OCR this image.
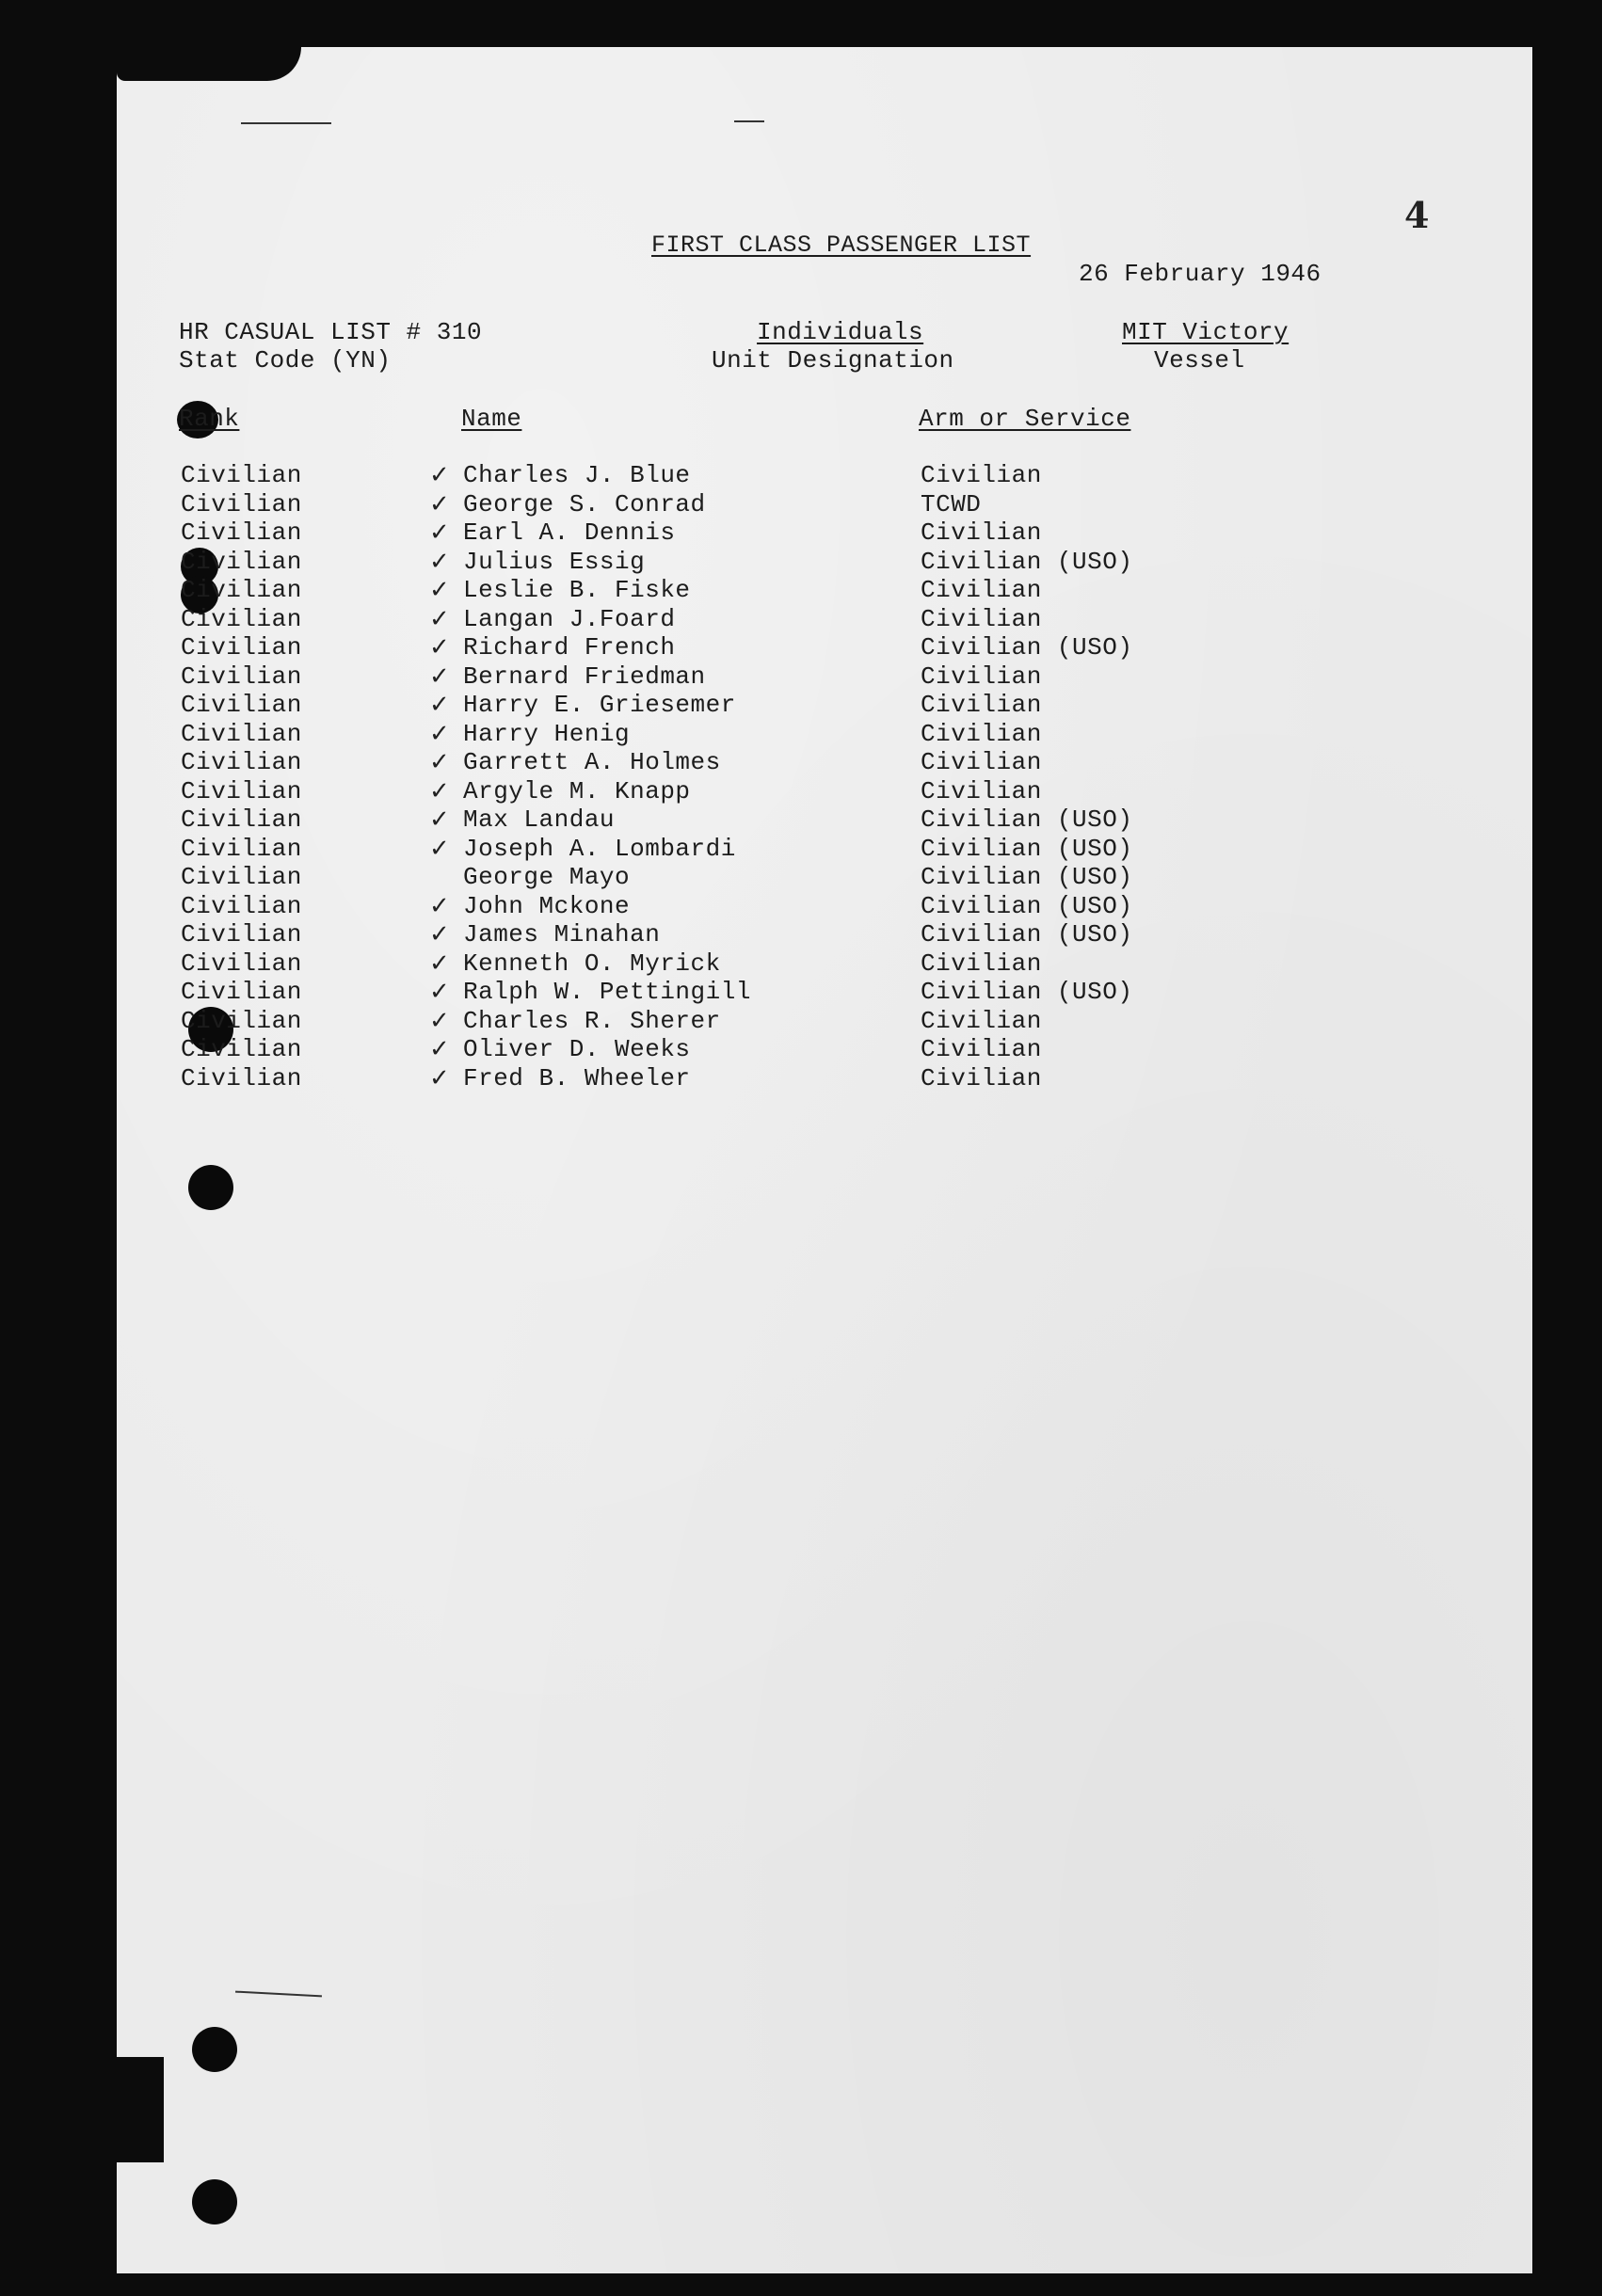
4
FIRST CLASS PASSENGER LIST
26 February 1946
HR CASUAL LIST # 310
Stat Code (YN)
Individuals
Unit Designation
MIT Victory
Vessel
Rank	Name	Arm or Service
Civilian	✓ Charles J. Blue	Civilian
Civilian	✓ George S. Conrad	TCWD
Civilian	✓ Earl A. Dennis	Civilian
Civilian	✓ Julius Essig	Civilian (USO)
Civilian	✓ Leslie B. Fiske	Civilian
Civilian	✓ Langan J.Foard	Civilian
Civilian	✓ Richard French	Civilian (USO)
Civilian	✓ Bernard Friedman	Civilian
Civilian	✓ Harry E. Griesemer	Civilian
Civilian	✓ Harry Henig	Civilian
Civilian	✓ Garrett A. Holmes	Civilian
Civilian	✓ Argyle M. Knapp	Civilian
Civilian	✓ Max Landau	Civilian (USO)
Civilian	✓ Joseph A. Lombardi	Civilian (USO)
Civilian	George Mayo	Civilian (USO)
Civilian	✓ John Mckone	Civilian (USO)
Civilian	✓ James Minahan	Civilian (USO)
Civilian	✓ Kenneth O. Myrick	Civilian
Civilian	✓ Ralph W. Pettingill	Civilian (USO)
Civilian	✓ Charles R. Sherer	Civilian
Civilian	✓ Oliver D. Weeks	Civilian
Civilian	✓ Fred B. Wheeler	Civilian
